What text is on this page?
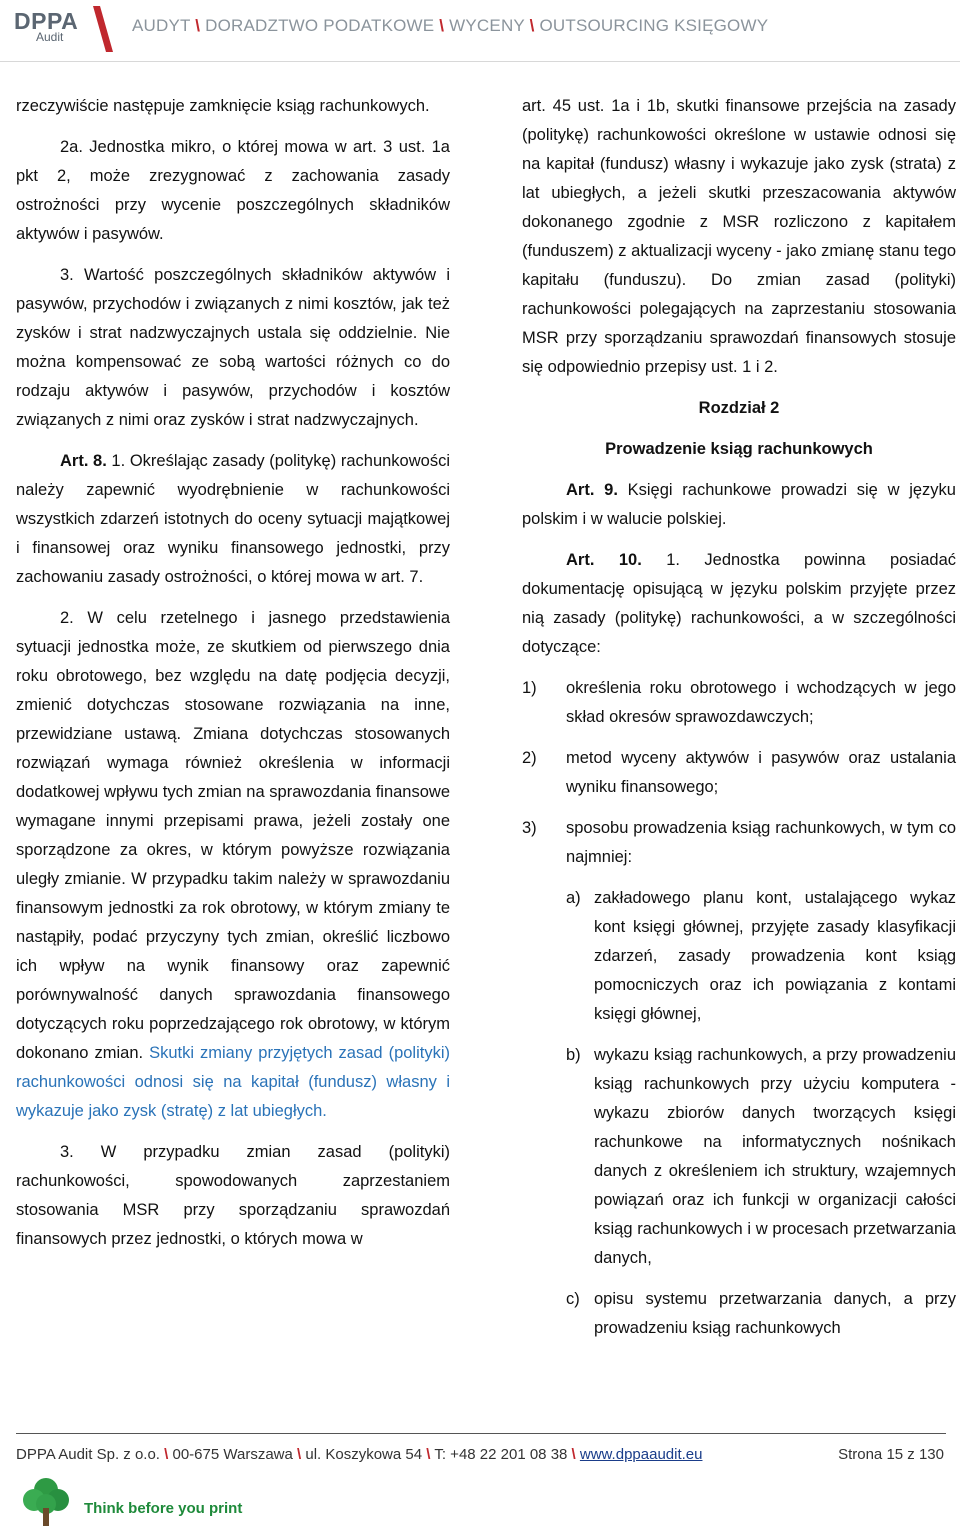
DPPA
Audit
AUDYT \ DORADZTWO PODATKOWE \ WYCENY \ OUTSOURCING KSIĘGOWY

rzeczywiście następuje zamknięcie ksiąg rachunkowych.

2a. Jednostka mikro, o której mowa w art. 3 ust. 1a pkt 2, może zrezygnować z zachowania zasady ostrożności przy wycenie poszczególnych składników aktywów i pasywów.

3. Wartość poszczególnych składników aktywów i pasywów, przychodów i związanych z nimi kosztów, jak też zysków i strat nadzwyczajnych ustala się oddzielnie. Nie można kompensować ze sobą wartości różnych co do rodzaju aktywów i pasywów, przychodów i kosztów związanych z nimi oraz zysków i strat nadzwyczajnych.

Art. 8. 1. Określając zasady (politykę) rachunkowości należy zapewnić wyodrębnienie w rachunkowości wszystkich zdarzeń istotnych do oceny sytuacji majątkowej i finansowej oraz wyniku finansowego jednostki, przy zachowaniu zasady ostrożności, o której mowa w art. 7.

2. W celu rzetelnego i jasnego przedstawienia sytuacji jednostka może, ze skutkiem od pierwszego dnia roku obrotowego, bez względu na datę podjęcia decyzji, zmienić dotychczas stosowane rozwiązania na inne, przewidziane ustawą. Zmiana dotychczas stosowanych rozwiązań wymaga również określenia w informacji dodatkowej wpływu tych zmian na sprawozdania finansowe wymagane innymi przepisami prawa, jeżeli zostały one sporządzone za okres, w którym powyższe rozwiązania uległy zmianie. W przypadku takim należy w sprawozdaniu finansowym jednostki za rok obrotowy, w którym zmiany te nastąpiły, podać przyczyny tych zmian, określić liczbowo ich wpływ na wynik finansowy oraz zapewnić porównywalność danych sprawozdania finansowego dotyczących roku poprzedzającego rok obrotowy, w którym dokonano zmian. Skutki zmiany przyjętych zasad (polityki) rachunkowości odnosi się na kapitał (fundusz) własny i wykazuje jako zysk (stratę) z lat ubiegłych.

3. W przypadku zmian zasad (polityki) rachunkowości, spowodowanych zaprzestaniem stosowania MSR przy sporządzaniu sprawozdań finansowych przez jednostki, o których mowa w

art. 45 ust. 1a i 1b, skutki finansowe przejścia na zasady (politykę) rachunkowości określone w ustawie odnosi się na kapitał (fundusz) własny i wykazuje jako zysk (strata) z lat ubiegłych, a jeżeli skutki przeszacowania aktywów dokonanego zgodnie z MSR rozliczono z kapitałem (funduszem) z aktualizacji wyceny - jako zmianę stanu tego kapitału (funduszu). Do zmian zasad (polityki) rachunkowości polegających na zaprzestaniu stosowania MSR przy sporządzaniu sprawozdań finansowych stosuje się odpowiednio przepisy ust. 1 i 2.

Rozdział 2

Prowadzenie ksiąg rachunkowych

Art. 9. Księgi rachunkowe prowadzi się w języku polskim i w walucie polskiej.

Art. 10. 1. Jednostka powinna posiadać dokumentację opisującą w języku polskim przyjęte przez nią zasady (politykę) rachunkowości, a w szczególności dotyczące:

1) określenia roku obrotowego i wchodzących w jego skład okresów sprawozdawczych;
2) metod wyceny aktywów i pasywów oraz ustalania wyniku finansowego;
3) sposobu prowadzenia ksiąg rachunkowych, w tym co najmniej:
a) zakładowego planu kont, ustalającego wykaz kont księgi głównej, przyjęte zasady klasyfikacji zdarzeń, zasady prowadzenia kont ksiąg pomocniczych oraz ich powiązania z kontami księgi głównej,
b) wykazu ksiąg rachunkowych, a przy prowadzeniu ksiąg rachunkowych przy użyciu komputera - wykazu zbiorów danych tworzących księgi rachunkowe na informatycznych nośnikach danych z określeniem ich struktury, wzajemnych powiązań oraz ich funkcji w organizacji całości ksiąg rachunkowych i w procesach przetwarzania danych,
c) opisu systemu przetwarzania danych, a przy prowadzeniu ksiąg rachunkowych
DPPA Audit Sp. z o.o. \ 00-675 Warszawa \ ul. Koszykowa 54 \ T: +48 22 201 08 38 \ www.dppaaudit.eu	Strona 15 z 130
Think before you print
